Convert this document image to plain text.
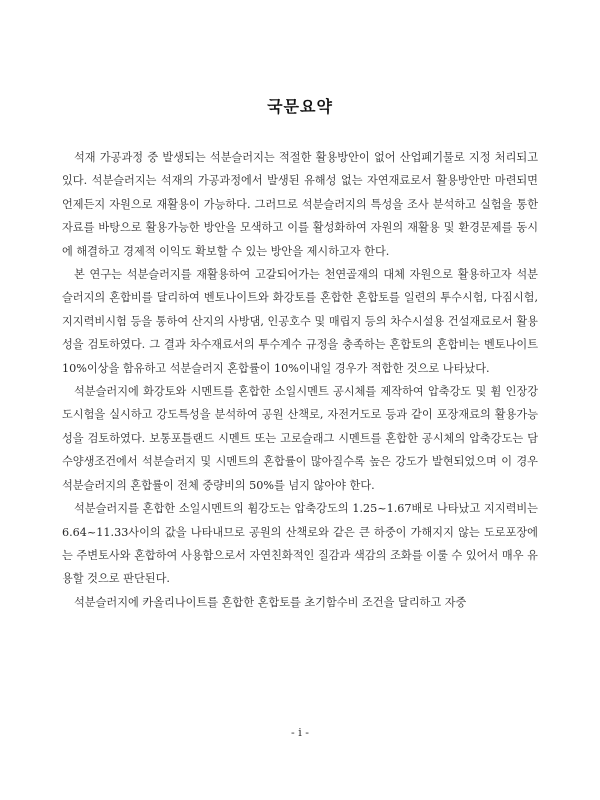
국문요약

석재 가공과정 중 발생되는 석분슬러지는 적절한 활용방안이 없어 산업폐기물로 지정 처리되고 있다. 석분슬러지는 석재의 가공과정에서 발생된 유해성 없는 자연재료로서 활용방안만 마련되면 언제든지 자원으로 재활용이 가능하다. 그러므로 석분슬러지의 특성을 조사 분석하고 실험을 통한 자료를 바탕으로 활용가능한 방안을 모색하고 이를 활성화하여 자원의 재활용 및 환경문제를 동시에 해결하고 경제적 이익도 확보할 수 있는 방안을 제시하고자 한다.

본 연구는 석분슬러지를 재활용하여 고갈되어가는 천연골재의 대체 자원으로 활용하고자 석분슬러지의 혼합비를 달리하여 벤토나이트와 화강토를 혼합한 혼합토를 일련의 투수시험, 다짐시험, 지지력비시험 등을 통하여 산지의 사방댐, 인공호수 및 매립지 등의 차수시설용 건설재료로서 활용성을 검토하였다. 그 결과 차수재료서의 투수계수 규정을 충족하는 혼합토의 혼합비는 벤토나이트 10%이상을 함유하고 석분슬러지 혼합률이 10%이내일 경우가 적합한 것으로 나타났다.

석분슬러지에 화강토와 시멘트를 혼합한 소일시멘트 공시체를 제작하여 압축강도 및 휨 인장강도시험을 실시하고 강도특성을 분석하여 공원 산책로, 자전거도로 등과 같이 포장재료의 활용가능성을 검토하였다. 보통포틀랜드 시멘트 또는 고로슬래그 시멘트를 혼합한 공시체의 압축강도는 담수양생조건에서 석분슬러지 및 시멘트의 혼합률이 많아질수록 높은 강도가 발현되었으며 이 경우 석분슬러지의 혼합률이 전체 중량비의 50%를 넘지 않아야 한다.

석분슬러지를 혼합한 소일시멘트의 휨강도는 압축강도의 1.25~1.67배로 나타났고 지지력비는 6.64~11.33사이의 값을 나타내므로 공원의 산책로와 같은 큰 하중이 가해지지 않는 도로포장에는 주변토사와 혼합하여 사용함으로서 자연친화적인 질감과 색감의 조화를 이룰 수 있어서 매우 유용할 것으로 판단된다.

석분슬러지에 카올리나이트를 혼합한 혼합토를 초기함수비 조건을 달리하고 자중

- i -
